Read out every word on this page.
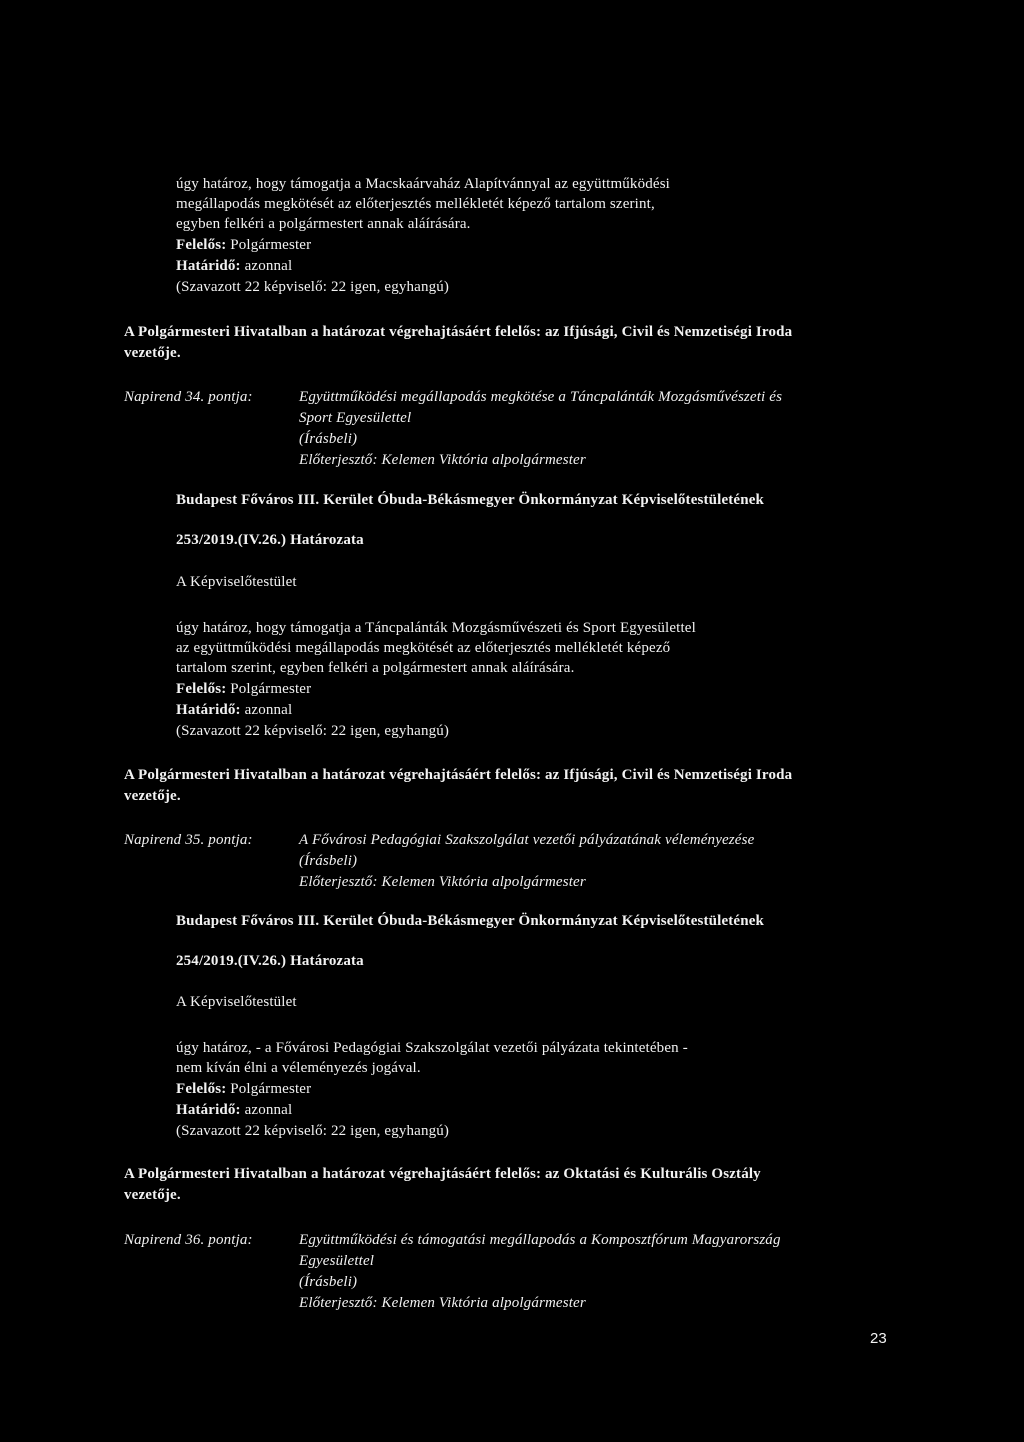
úgy határoz, hogy támogatja a Macskaárvaház Alapítvánnyal az együttműködési
megállapodás megkötését az előterjesztés mellékletét képező tartalom szerint,
egyben felkéri a polgármestert annak aláírására.
Felelős: Polgármester
Határidő: azonnal
(Szavazott 22 képviselő: 22 igen, egyhangú)
A Polgármesteri Hivatalban a határozat végrehajtásáért felelős: az Ifjúsági, Civil és Nemzetiségi Iroda
vezetője.
Napirend 34. pontja:	Együttműködési megállapodás megkötése a Táncpalánták Mozgásművészeti és
Sport Egyesülettel
(Írásbeli)
Előterjesztő: Kelemen Viktória alpolgármester
Budapest Főváros III. Kerület Óbuda-Békásmegyer Önkormányzat Képviselőtestületének
253/2019.(IV.26.) Határozata
A Képviselőtestület
úgy határoz, hogy támogatja a Táncpalánták Mozgásművészeti és Sport Egyesülettel
az együttműködési megállapodás megkötését az előterjesztés mellékletét képező
tartalom szerint, egyben felkéri a polgármestert annak aláírására.
Felelős: Polgármester
Határidő: azonnal
(Szavazott 22 képviselő: 22 igen, egyhangú)
A Polgármesteri Hivatalban a határozat végrehajtásáért felelős: az Ifjúsági, Civil és Nemzetiségi Iroda
vezetője.
Napirend 35. pontja:	A Fővárosi Pedagógiai Szakszolgálat vezetői pályázatának véleményezése
(Írásbeli)
Előterjesztő: Kelemen Viktória alpolgármester
Budapest Főváros III. Kerület Óbuda-Békásmegyer Önkormányzat Képviselőtestületének
254/2019.(IV.26.) Határozata
A Képviselőtestület
úgy határoz, - a Fővárosi Pedagógiai Szakszolgálat vezetői pályázata tekintetében -
nem kíván élni a véleményezés jogával.
Felelős: Polgármester
Határidő: azonnal
(Szavazott 22 képviselő: 22 igen, egyhangú)
A Polgármesteri Hivatalban a határozat végrehajtásáért felelős: az Oktatási és Kulturális Osztály
vezetője.
Napirend 36. pontja:	Együttműködési és támogatási megállapodás a Komposztfórum Magyarország
Egyesülettel
(Írásbeli)
Előterjesztő: Kelemen Viktória alpolgármester
23
